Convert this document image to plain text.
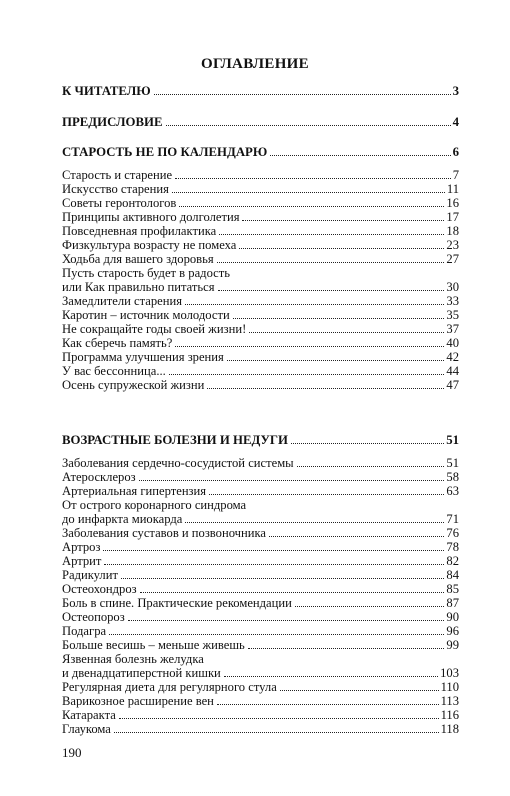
ОГЛАВЛЕНИЕ
К ЧИТАТЕЛЮ	3
ПРЕДИСЛОВИЕ	4
СТАРОСТЬ НЕ ПО КАЛЕНДАРЮ	6
Старость и старение	7
Искусство старения	11
Советы геронтологов	16
Принципы активного долголетия	17
Повседневная профилактика	18
Физкультура возрасту не помеха	23
Ходьба для вашего здоровья	27
Пусть старость будет в радость
или Как правильно питаться	30
Замедлители старения	33
Каротин – источник молодости	35
Не сокращайте годы своей жизни!	37
Как сберечь память?	40
Программа улучшения зрения	42
У вас бессонница...	44
Осень супружеской жизни	47
ВОЗРАСТНЫЕ БОЛЕЗНИ И НЕДУГИ	51
Заболевания сердечно-сосудистой системы	51
Атеросклероз	58
Артериальная гипертензия	63
От острого коронарного синдрома
до инфаркта миокарда	71
Заболевания суставов и позвоночника	76
Артроз	78
Артрит	82
Радикулит	84
Остеохондроз	85
Боль в спине. Практические рекомендации	87
Остеопороз	90
Подагра	96
Больше весишь – меньше живешь	99
Язвенная болезнь желудка
и двенадцатиперстной кишки	103
Регулярная диета для регулярного стула	110
Варикозное расширение вен	113
Катаракта	116
Глаукома	118
190
